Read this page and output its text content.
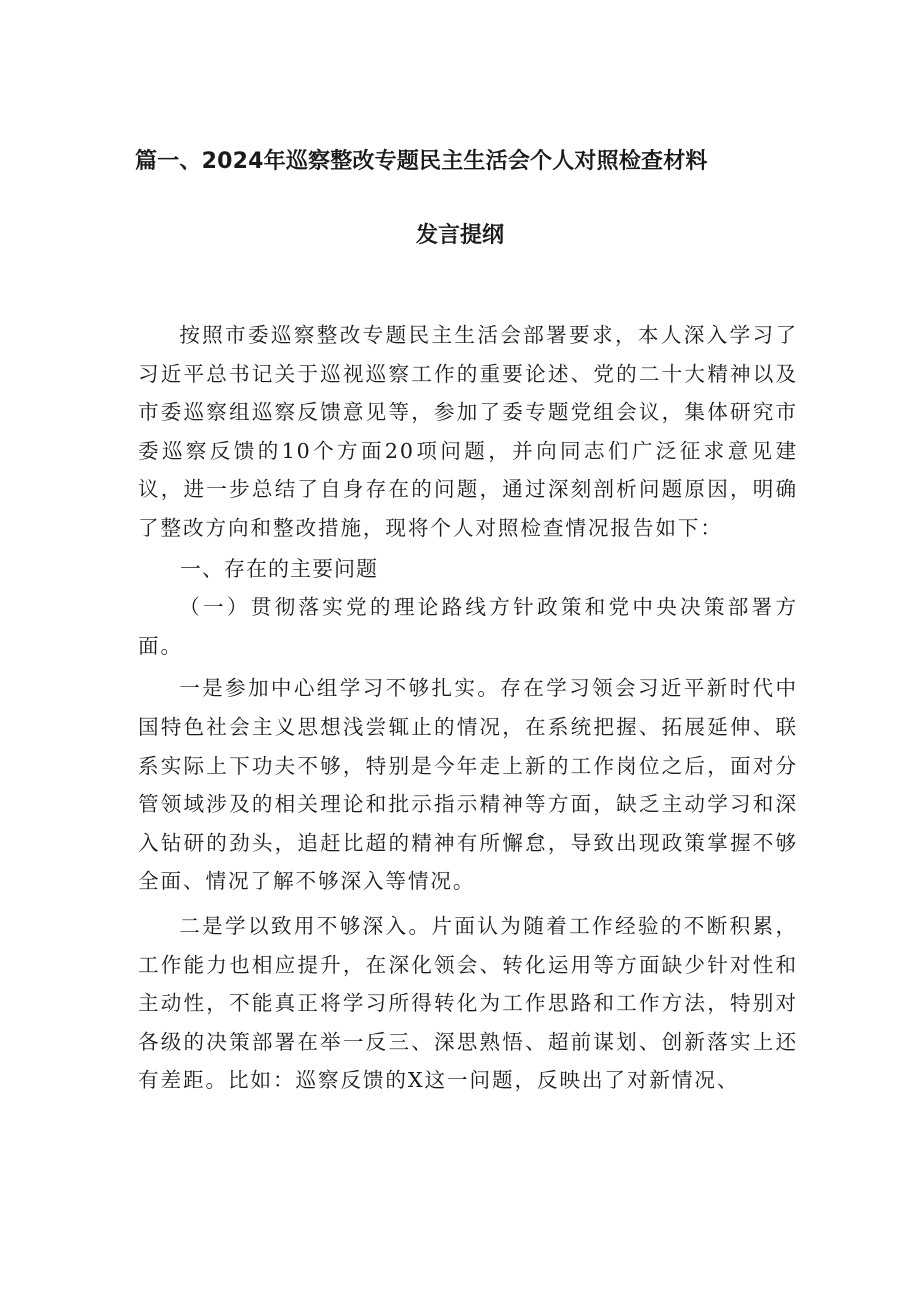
篇一、2024年巡察整改专题民主生活会个人对照检查材料
发言提纲

按照市委巡察整改专题民主生活会部署要求，本人深入学习了习近平总书记关于巡视巡察工作的重要论述、党的二十大精神以及市委巡察组巡察反馈意见等，参加了委专题党组会议，集体研究市委巡察反馈的10个方面20项问题，并向同志们广泛征求意见建议，进一步总结了自身存在的问题，通过深刻剖析问题原因，明确了整改方向和整改措施，现将个人对照检查情况报告如下：

一、存在的主要问题

（一）贯彻落实党的理论路线方针政策和党中央决策部署方面。

一是参加中心组学习不够扎实。存在学习领会习近平新时代中国特色社会主义思想浅尝辄止的情况，在系统把握、拓展延伸、联系实际上下功夫不够，特别是今年走上新的工作岗位之后，面对分管领域涉及的相关理论和批示指示精神等方面，缺乏主动学习和深入钻研的劲头，追赶比超的精神有所懈怠，导致出现政策掌握不够全面、情况了解不够深入等情况。

二是学以致用不够深入。片面认为随着工作经验的不断积累，工作能力也相应提升，在深化领会、转化运用等方面缺少针对性和主动性，不能真正将学习所得转化为工作思路和工作方法，特别对各级的决策部署在举一反三、深思熟悟、超前谋划、创新落实上还有差距。比如：巡察反馈的X这一问题，反映出了对新情况、
